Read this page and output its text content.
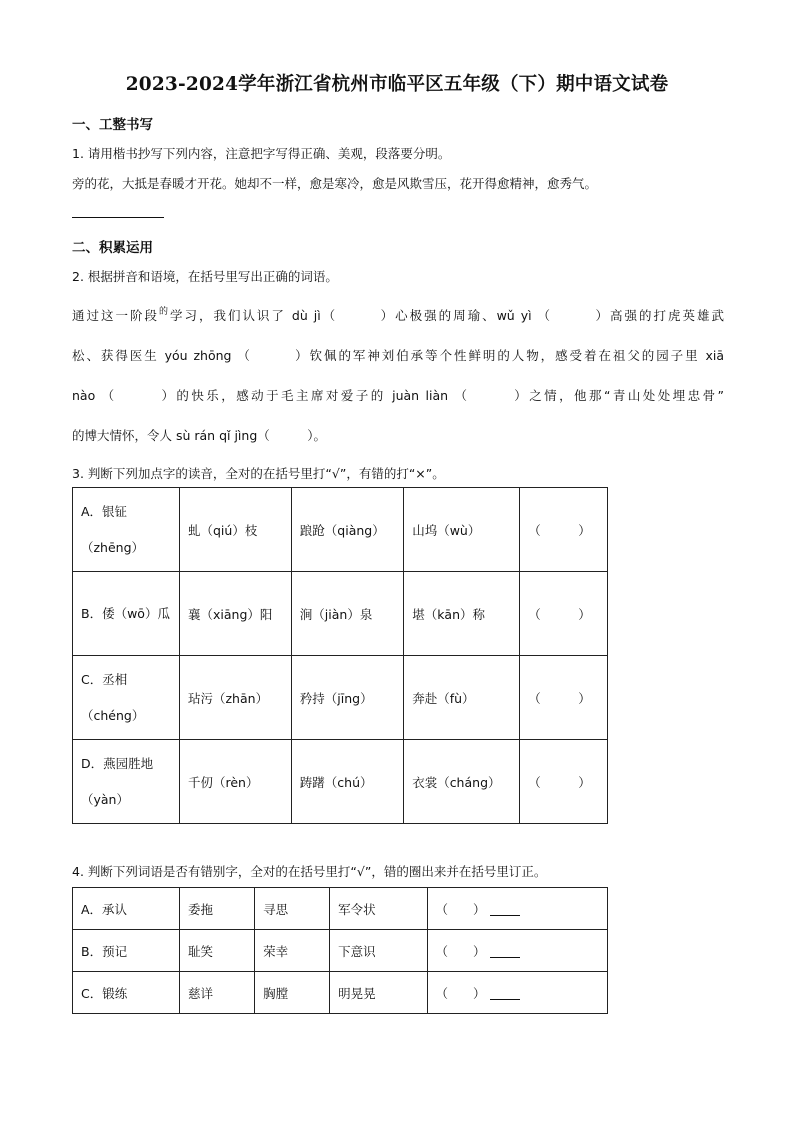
2023-2024学年浙江省杭州市临平区五年级（下）期中语文试卷
一、工整书写
1. 请用楷书抄写下列内容，注意把字写得正确、美观，段落要分明。
旁的花，大抵是春暖才开花。她却不一样，愈是寒冷，愈是风欺雪压，花开得愈精神，愈秀气。
二、积累运用
2. 根据拼音和语境，在括号里写出正确的词语。
通过这一阶段$^的$学习，我们认识了 dù jì（　　　）心极强的周瑜、wǔ yì （　　　）高强的打虎英雄武
松、获得医生 yóu zhōng （　　　）钦佩的军神刘伯承等个性鲜明的人物，感受着在祖父的园子里 xiā
nào （　　　）的快乐，感动于毛主席对爱子的 juàn liàn （　　　）之情，他那“青山处处埋忠骨”
的博大情怀，令人 sù rán qǐ jìng（　　　）。
3. 判断下列加点字的读音，全对的在括号里打“√”，有错的打“×”。
A．银钲（zhēng）	虬（qiú）枝	踉跄（qiàng）	山坞（wù）	（　　　）
B．倭（wō）瓜	襄（xiāng）阳	涧（jiàn）泉	堪（kān）称	（　　　）
C．丞相（chéng）	玷污（zhān）	矜持（jīng）	奔赴（fù）	（　　　）
D．燕园胜地（yàn）	千仞（rèn）	踌躇（chú）	衣裳（cháng）	（　　　）
4. 判断下列词语是否有错别字，全对的在括号里打“√”，错的圈出来并在括号里订正。
A．承认	委拖	寻思	军令状	（　　）
B．预记	耻笑	荣幸	下意识	（　　）
C．锻练	慈详	胸膛	明晃晃	（　　）
